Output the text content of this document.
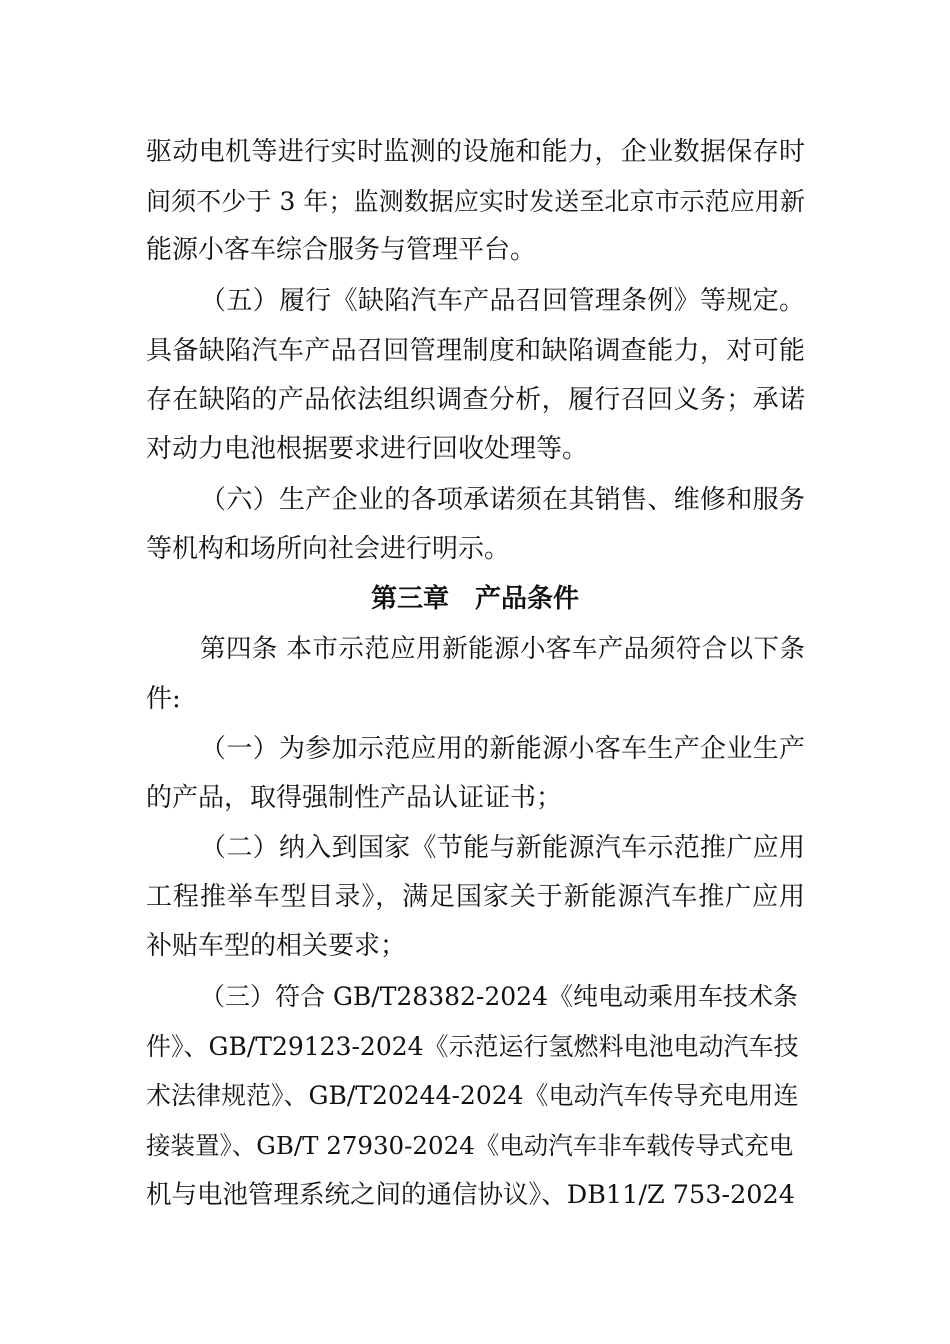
驱动电机等进行实时监测的设施和能力，企业数据保存时
间须不少于 3 年；监测数据应实时发送至北京市示范应用新
能源小客车综合服务与管理平台。
（五）履行《缺陷汽车产品召回管理条例》等规定。
具备缺陷汽车产品召回管理制度和缺陷调查能力，对可能
存在缺陷的产品依法组织调查分析，履行召回义务；承诺
对动力电池根据要求进行回收处理等。
（六）生产企业的各项承诺须在其销售、维修和服务
等机构和场所向社会进行明示。
第三章　产品条件
第四条 本市示范应用新能源小客车产品须符合以下条
件:
（一）为参加示范应用的新能源小客车生产企业生产
的产品，取得强制性产品认证证书；
（二）纳入到国家《节能与新能源汽车示范推广应用
工程推举车型目录》，满足国家关于新能源汽车推广应用
补贴车型的相关要求；
（三）符合 GB/T28382-2024《纯电动乘用车技术条
件》、GB/T29123-2024《示范运行氢燃料电池电动汽车技
术法律规范》、GB/T20244-2024《电动汽车传导充电用连
接装置》、GB/T 27930-2024《电动汽车非车载传导式充电
机与电池管理系统之间的通信协议》、DB11/Z 753-2024
